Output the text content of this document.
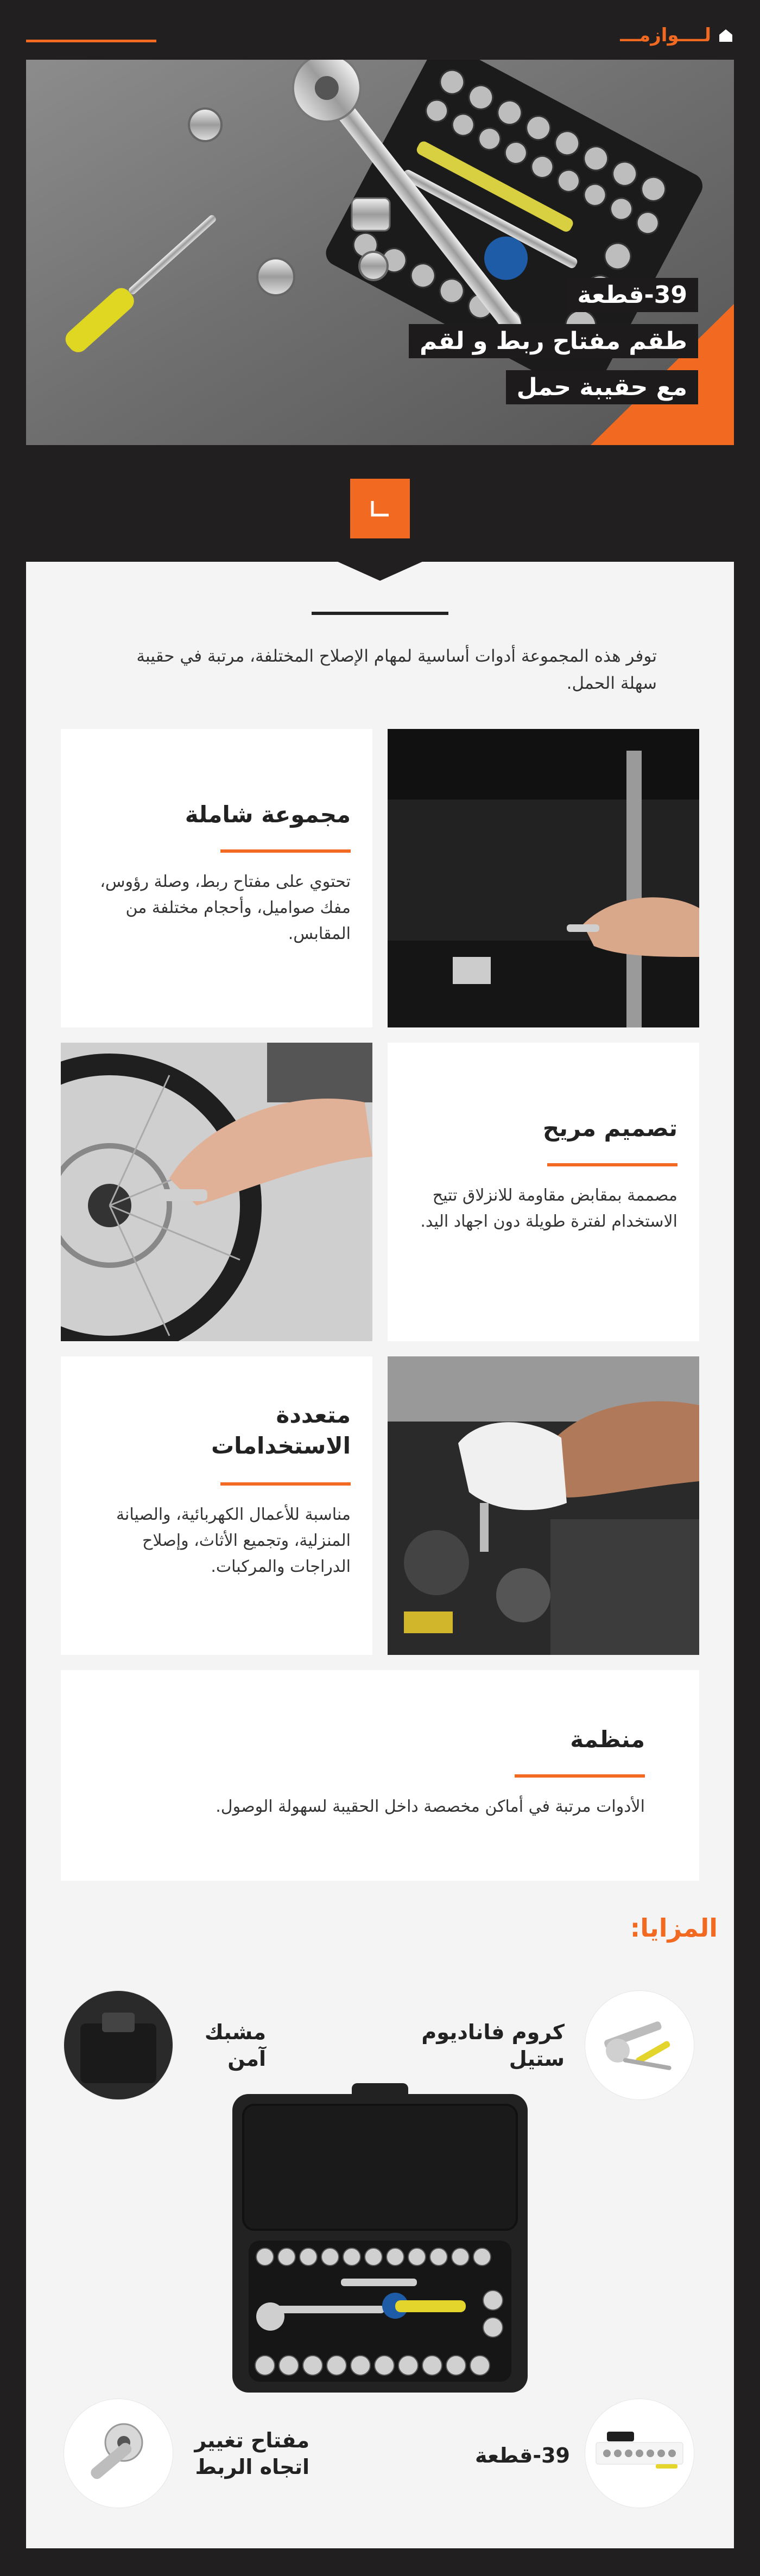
لــــوازمـــ
39-قطعة
طقم مفتاح ربط و لقم
مع حقيبة حمل
توفر هذه المجموعة أدوات أساسية لمهام الإصلاح المختلفة، مرتبة في حقيبة سهلة الحمل.
مجموعة شاملة
تحتوي على مفتاح ربط، وصلة رؤوس، مفك صواميل، وأحجام مختلفة من المقابس.
تصميم مريح
مصممة بمقابض مقاومة للانزلاق تتيح الاستخدام لفترة طويلة دون اجهاد اليد.
متعددة الاستخدامات
مناسبة للأعمال الكهربائية، والصيانة المنزلية، وتجميع الأثاث، وإصلاح الدراجات والمركبات.
منظمة
الأدوات مرتبة في أماكن مخصصة داخل الحقيبة لسهولة الوصول.
المزايا:
كروم فاناديوم ستيل
مشبك آمن
39-قطعة
مفتاح تغيير اتجاه الربط
